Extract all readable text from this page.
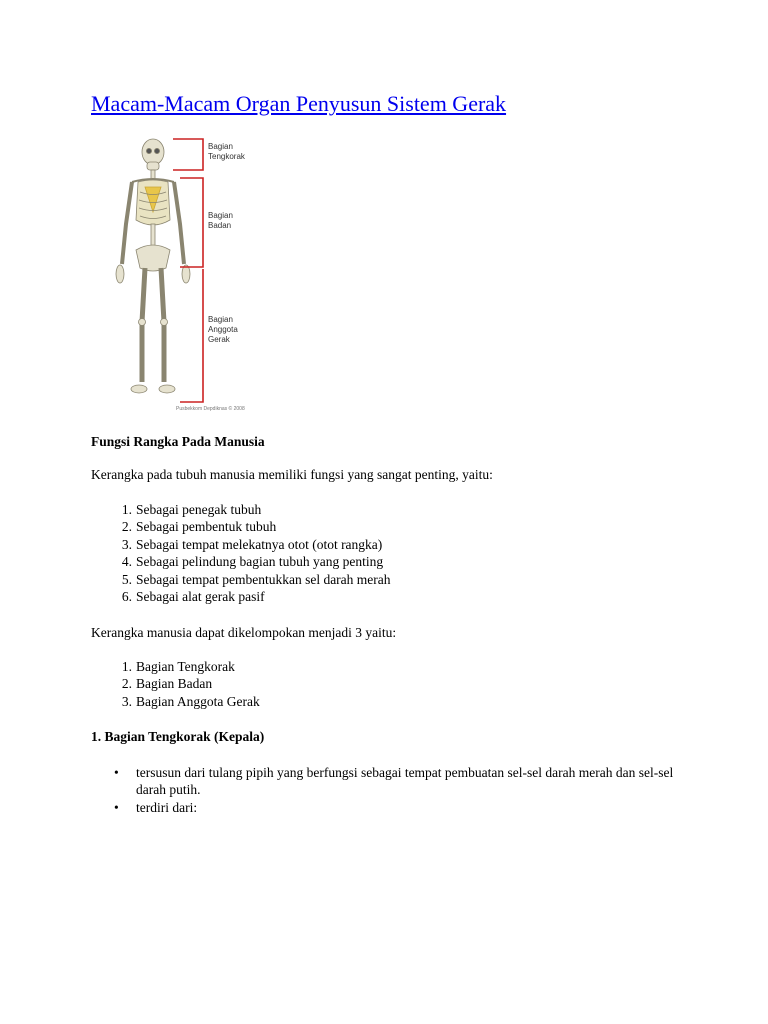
Macam-Macam Organ Penyusun Sistem Gerak
Bagian Tengkorak
Bagian Badan
Bagian Anggota Gerak
Pusbekkom Depdiknas © 2008

Fungsi Rangka Pada Manusia

Kerangka pada tubuh manusia memiliki fungsi yang sangat penting, yaitu:

1. Sebagai penegak tubuh
2. Sebagai pembentuk tubuh
3. Sebagai tempat melekatnya otot (otot rangka)
4. Sebagai pelindung bagian tubuh yang penting
5. Sebagai tempat pembentukkan sel darah merah
6. Sebagai alat gerak pasif

Kerangka manusia dapat dikelompokan menjadi 3 yaitu:

1. Bagian Tengkorak
2. Bagian Badan
3. Bagian Anggota Gerak

1. Bagian Tengkorak (Kepala)

• tersusun dari tulang pipih yang berfungsi sebagai tempat pembuatan sel-sel darah merah dan sel-sel darah putih.
• terdiri dari:
